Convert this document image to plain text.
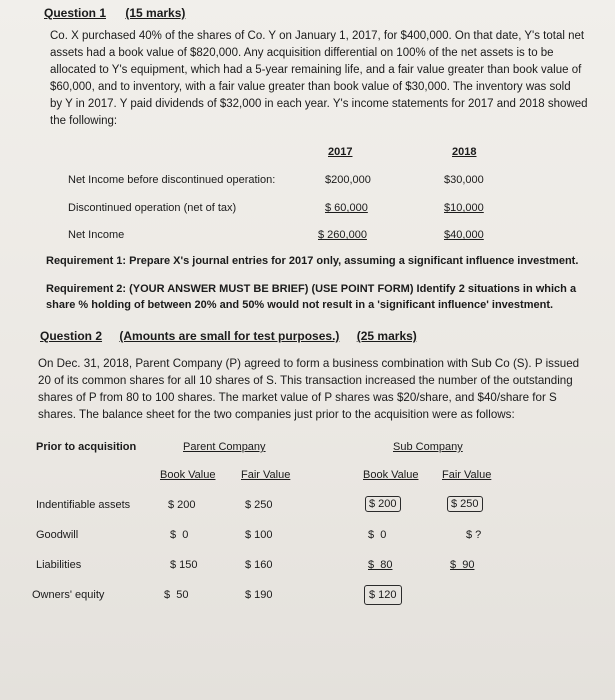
Question 1 (15 marks)
Co. X purchased 40% of the shares of Co. Y on January 1, 2017, for $400,000. On that date, Y's total net
assets had a book value of $820,000. Any acquisition differential on 100% of the net assets is to be
allocated to Y's equipment, which had a 5-year remaining life, and a fair value greater than book value of
$60,000, and to inventory, with a fair value greater than book value of $30,000. The inventory was sold
by Y in 2017. Y paid dividends of $32,000 in each year. Y's income statements for 2017 and 2018 showed
the following:
2017	2018
Net Income before discontinued operation:	$200,000	$30,000
Discontinued operation (net of tax)	$ 60,000	$10,000
Net Income	$ 260,000	$40,000
Requirement 1: Prepare X's journal entries for 2017 only, assuming a significant influence investment.
Requirement 2: (YOUR ANSWER MUST BE BRIEF) (USE POINT FORM) Identify 2 situations in which a
share % holding of between 20% and 50% would not result in a 'significant influence' investment.
Question 2 (Amounts are small for test purposes.) (25 marks)
On Dec. 31, 2018, Parent Company (P) agreed to form a business combination with Sub Co (S). P issued
20 of its common shares for all 10 shares of S. This transaction increased the number of the outstanding
shares of P from 80 to 100 shares. The market value of P shares was $20/share, and $40/share for S
shares. The balance sheet for the two companies just prior to the acquisition were as follows:
Prior to acquisition	Parent Company	Sub Company
Book Value Fair Value	Book Value Fair Value
Indentifiable assets	$ 200	$ 250	$ 200	$ 250
Goodwill	$  0	$ 100	$  0	$ ?
Liabilities	$ 150	$ 160	$  80	$  90
Owners' equity	$  50	$ 190	$ 120
